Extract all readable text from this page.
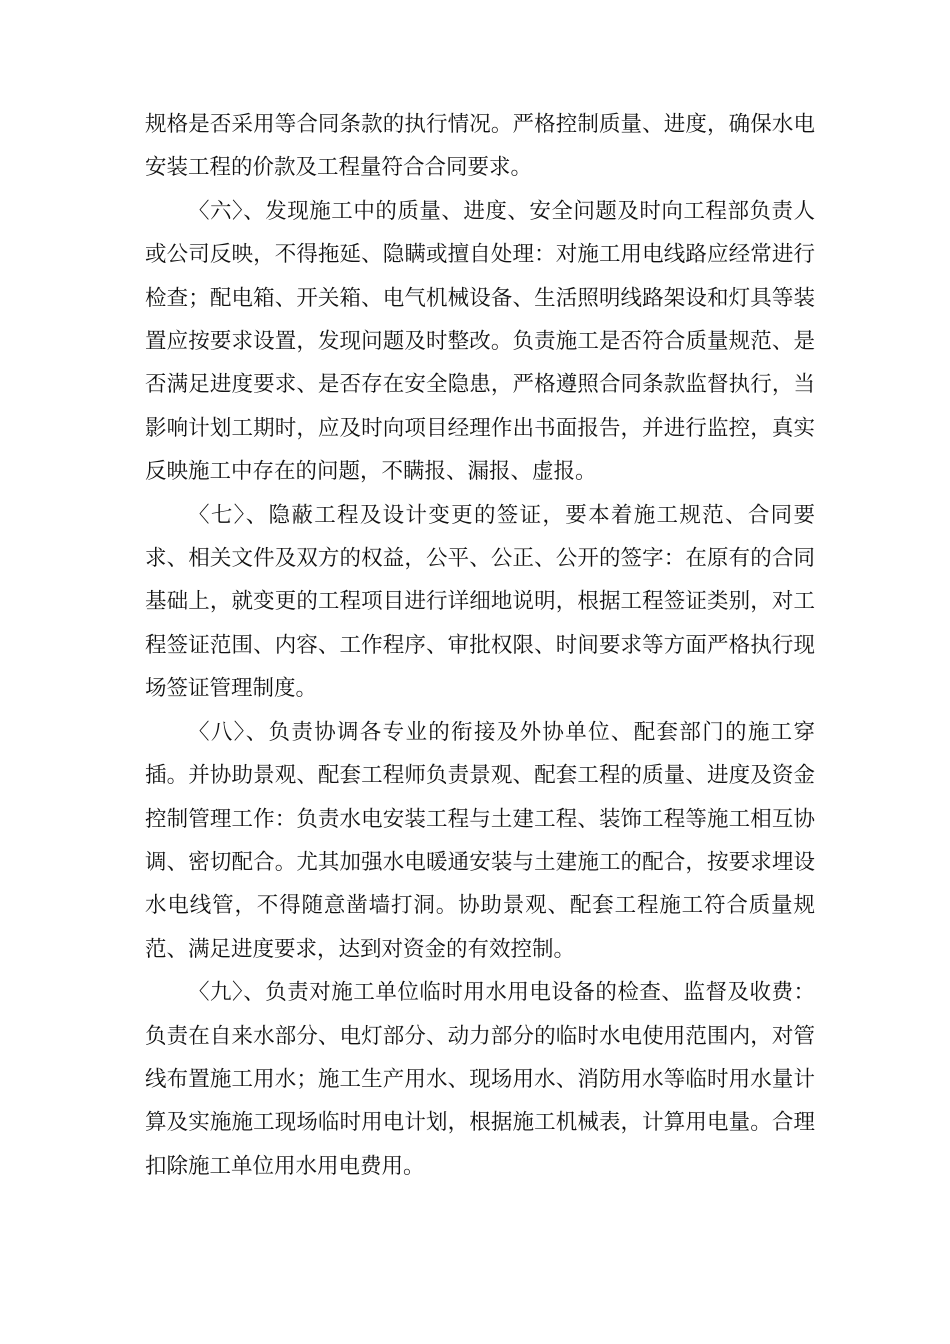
规格是否采用等合同条款的执行情况。严格控制质量、进度，确保水电安装工程的价款及工程量符合合同要求。

〈六〉、发现施工中的质量、进度、安全问题及时向工程部负责人或公司反映，不得拖延、隐瞒或擅自处理：对施工用电线路应经常进行检查；配电箱、开关箱、电气机械设备、生活照明线路架设和灯具等装置应按要求设置，发现问题及时整改。负责施工是否符合质量规范、是否满足进度要求、是否存在安全隐患，严格遵照合同条款监督执行，当影响计划工期时，应及时向项目经理作出书面报告，并进行监控，真实反映施工中存在的问题，不瞒报、漏报、虚报。

〈七〉、隐蔽工程及设计变更的签证，要本着施工规范、合同要求、相关文件及双方的权益，公平、公正、公开的签字：在原有的合同基础上，就变更的工程项目进行详细地说明，根据工程签证类别，对工程签证范围、内容、工作程序、审批权限、时间要求等方面严格执行现场签证管理制度。

〈八〉、负责协调各专业的衔接及外协单位、配套部门的施工穿插。并协助景观、配套工程师负责景观、配套工程的质量、进度及资金控制管理工作：负责水电安装工程与土建工程、装饰工程等施工相互协调、密切配合。尤其加强水电暖通安装与土建施工的配合，按要求埋设水电线管，不得随意凿墙打洞。协助景观、配套工程施工符合质量规范、满足进度要求，达到对资金的有效控制。

〈九〉、负责对施工单位临时用水用电设备的检查、监督及收费：负责在自来水部分、电灯部分、动力部分的临时水电使用范围内，对管线布置施工用水；施工生产用水、现场用水、消防用水等临时用水量计算及实施施工现场临时用电计划，根据施工机械表，计算用电量。合理扣除施工单位用水用电费用。
